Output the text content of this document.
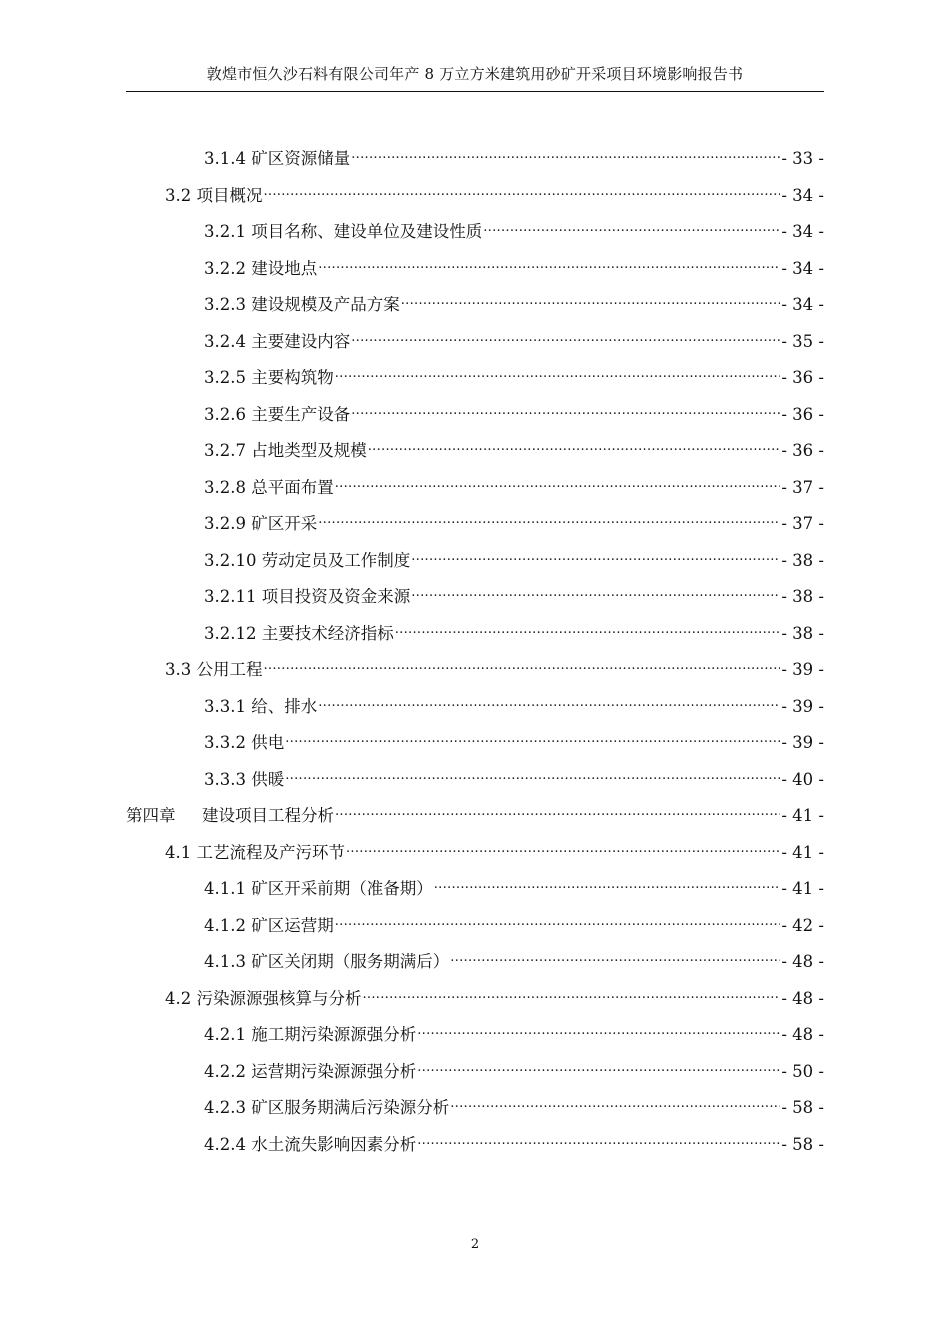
敦煌市恒久沙石料有限公司年产 8 万立方米建筑用砂矿开采项目环境影响报告书
3.1.4 矿区资源储量 .....	- 33 -
3.2 项目概况 .....	- 34 -
3.2.1 项目名称、建设单位及建设性质 .....	- 34 -
3.2.2 建设地点 .....	- 34 -
3.2.3 建设规模及产品方案 .....	- 34 -
3.2.4 主要建设内容 .....	- 35 -
3.2.5 主要构筑物 .....	- 36 -
3.2.6 主要生产设备 .....	- 36 -
3.2.7 占地类型及规模 .....	- 36 -
3.2.8 总平面布置 .....	- 37 -
3.2.9 矿区开采 .....	- 37 -
3.2.10 劳动定员及工作制度 .....	- 38 -
3.2.11 项目投资及资金来源 .....	- 38 -
3.2.12 主要技术经济指标 .....	- 38 -
3.3 公用工程 .....	- 39 -
3.3.1 给、排水 .....	- 39 -
3.3.2 供电 .....	- 39 -
3.3.3 供暖 .....	- 40 -
第四章 建设项目工程分析 .....	- 41 -
4.1 工艺流程及产污环节 .....	- 41 -
4.1.1 矿区开采前期（准备期） .....	- 41 -
4.1.2 矿区运营期 .....	- 42 -
4.1.3 矿区关闭期（服务期满后） .....	- 48 -
4.2 污染源源强核算与分析 .....	- 48 -
4.2.1 施工期污染源源强分析 .....	- 48 -
4.2.2 运营期污染源源强分析 .....	- 50 -
4.2.3 矿区服务期满后污染源分析 .....	- 58 -
4.2.4 水土流失影响因素分析 .....	- 58 -
2
